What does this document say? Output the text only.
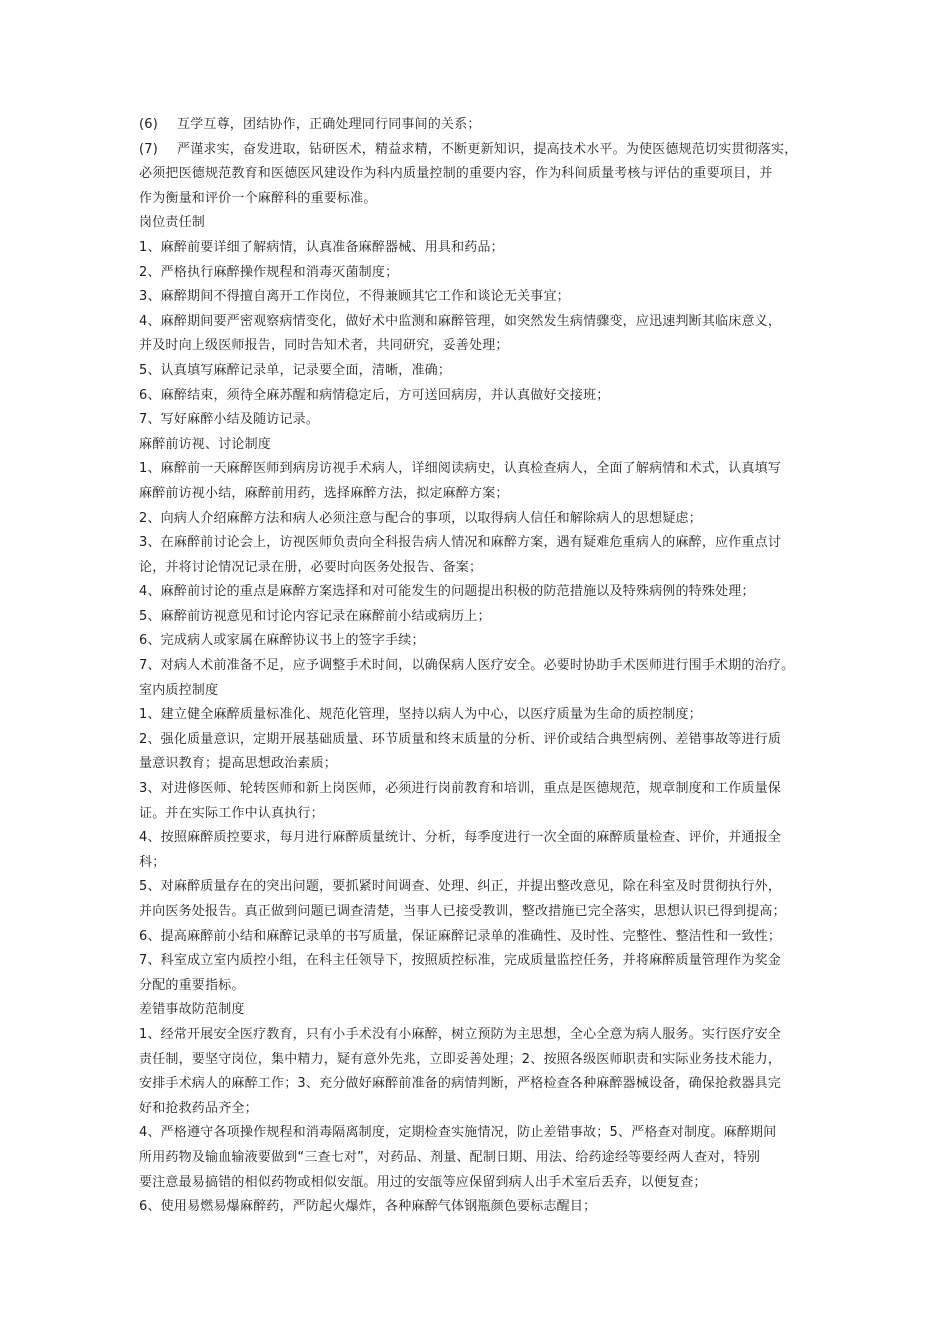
(6) 互学互尊，团结协作，正确处理同行同事间的关系；
(7) 严谨求实，奋发进取，钻研医术，精益求精，不断更新知识，提高技术水平。为使医德规范切实贯彻落实，
必须把医德规范教育和医德医风建设作为科内质量控制的重要内容，作为科间质量考核与评估的重要项目，并
作为衡量和评价一个麻醉科的重要标准。
岗位责任制
1、麻醉前要详细了解病情，认真准备麻醉器械、用具和药品；
2、严格执行麻醉操作规程和消毒灭菌制度；
3、麻醉期间不得擅自离开工作岗位，不得兼顾其它工作和谈论无关事宜；
4、麻醉期间要严密观察病情变化，做好术中监测和麻醉管理，如突然发生病情骤变，应迅速判断其临床意义，
并及时向上级医师报告，同时告知术者，共同研究，妥善处理；
5、认真填写麻醉记录单，记录要全面，清晰，准确；
6、麻醉结束，须待全麻苏醒和病情稳定后，方可送回病房，并认真做好交接班；
7、写好麻醉小结及随访记录。
麻醉前访视、讨论制度
1、麻醉前一天麻醉医师到病房访视手术病人，详细阅读病史，认真检查病人，全面了解病情和术式，认真填写
麻醉前访视小结，麻醉前用药，选择麻醉方法，拟定麻醉方案；
2、向病人介绍麻醉方法和病人必须注意与配合的事项，以取得病人信任和解除病人的思想疑虑；
3、在麻醉前讨论会上，访视医师负责向全科报告病人情况和麻醉方案，遇有疑难危重病人的麻醉，应作重点讨
论，并将讨论情况记录在册，必要时向医务处报告、备案；
4、麻醉前讨论的重点是麻醉方案选择和对可能发生的问题提出积极的防范措施以及特殊病例的特殊处理；
5、麻醉前访视意见和讨论内容记录在麻醉前小结或病历上；
6、完成病人或家属在麻醉协议书上的签字手续；
7、对病人术前准备不足，应予调整手术时间，以确保病人医疗安全。必要时协助手术医师进行围手术期的治疗。
室内质控制度
1、建立健全麻醉质量标准化、规范化管理，坚持以病人为中心，以医疗质量为生命的质控制度；
2、强化质量意识，定期开展基础质量、环节质量和终末质量的分析、评价或结合典型病例、差错事故等进行质
量意识教育；提高思想政治素质；
3、对进修医师、轮转医师和新上岗医师，必须进行岗前教育和培训，重点是医德规范，规章制度和工作质量保
证。并在实际工作中认真执行；
4、按照麻醉质控要求，每月进行麻醉质量统计、分析，每季度进行一次全面的麻醉质量检查、评价，并通报全
科；
5、对麻醉质量存在的突出问题，要抓紧时间调查、处理、纠正，并提出整改意见，除在科室及时贯彻执行外，
并向医务处报告。真正做到问题已调查清楚，当事人已接受教训，整改措施已完全落实，思想认识已得到提高；
6、提高麻醉前小结和麻醉记录单的书写质量，保证麻醉记录单的准确性、及时性、完整性、整洁性和一致性；
7、科室成立室内质控小组，在科主任领导下，按照质控标准，完成质量监控任务，并将麻醉质量管理作为奖金
分配的重要指标。
差错事故防范制度
1、经常开展安全医疗教育，只有小手术没有小麻醉，树立预防为主思想，全心全意为病人服务。实行医疗安全
责任制，要坚守岗位，集中精力，疑有意外先兆，立即妥善处理；2、按照各级医师职责和实际业务技术能力，
安排手术病人的麻醉工作；3、充分做好麻醉前准备的病情判断，严格检查各种麻醉器械设备，确保抢救器具完
好和抢救药品齐全；
4、严格遵守各项操作规程和消毒隔离制度，定期检查实施情况，防止差错事故；5、严格查对制度。麻醉期间
所用药物及输血输液要做到“三查七对”，对药品、剂量、配制日期、用法、给药途经等要经两人查对，特别
要注意最易搞错的相似药物或相似安瓿。用过的安瓿等应保留到病人出手术室后丢弃，以便复查；
6、使用易燃易爆麻醉药，严防起火爆炸，各种麻醉气体钢瓶颜色要标志醒目；
